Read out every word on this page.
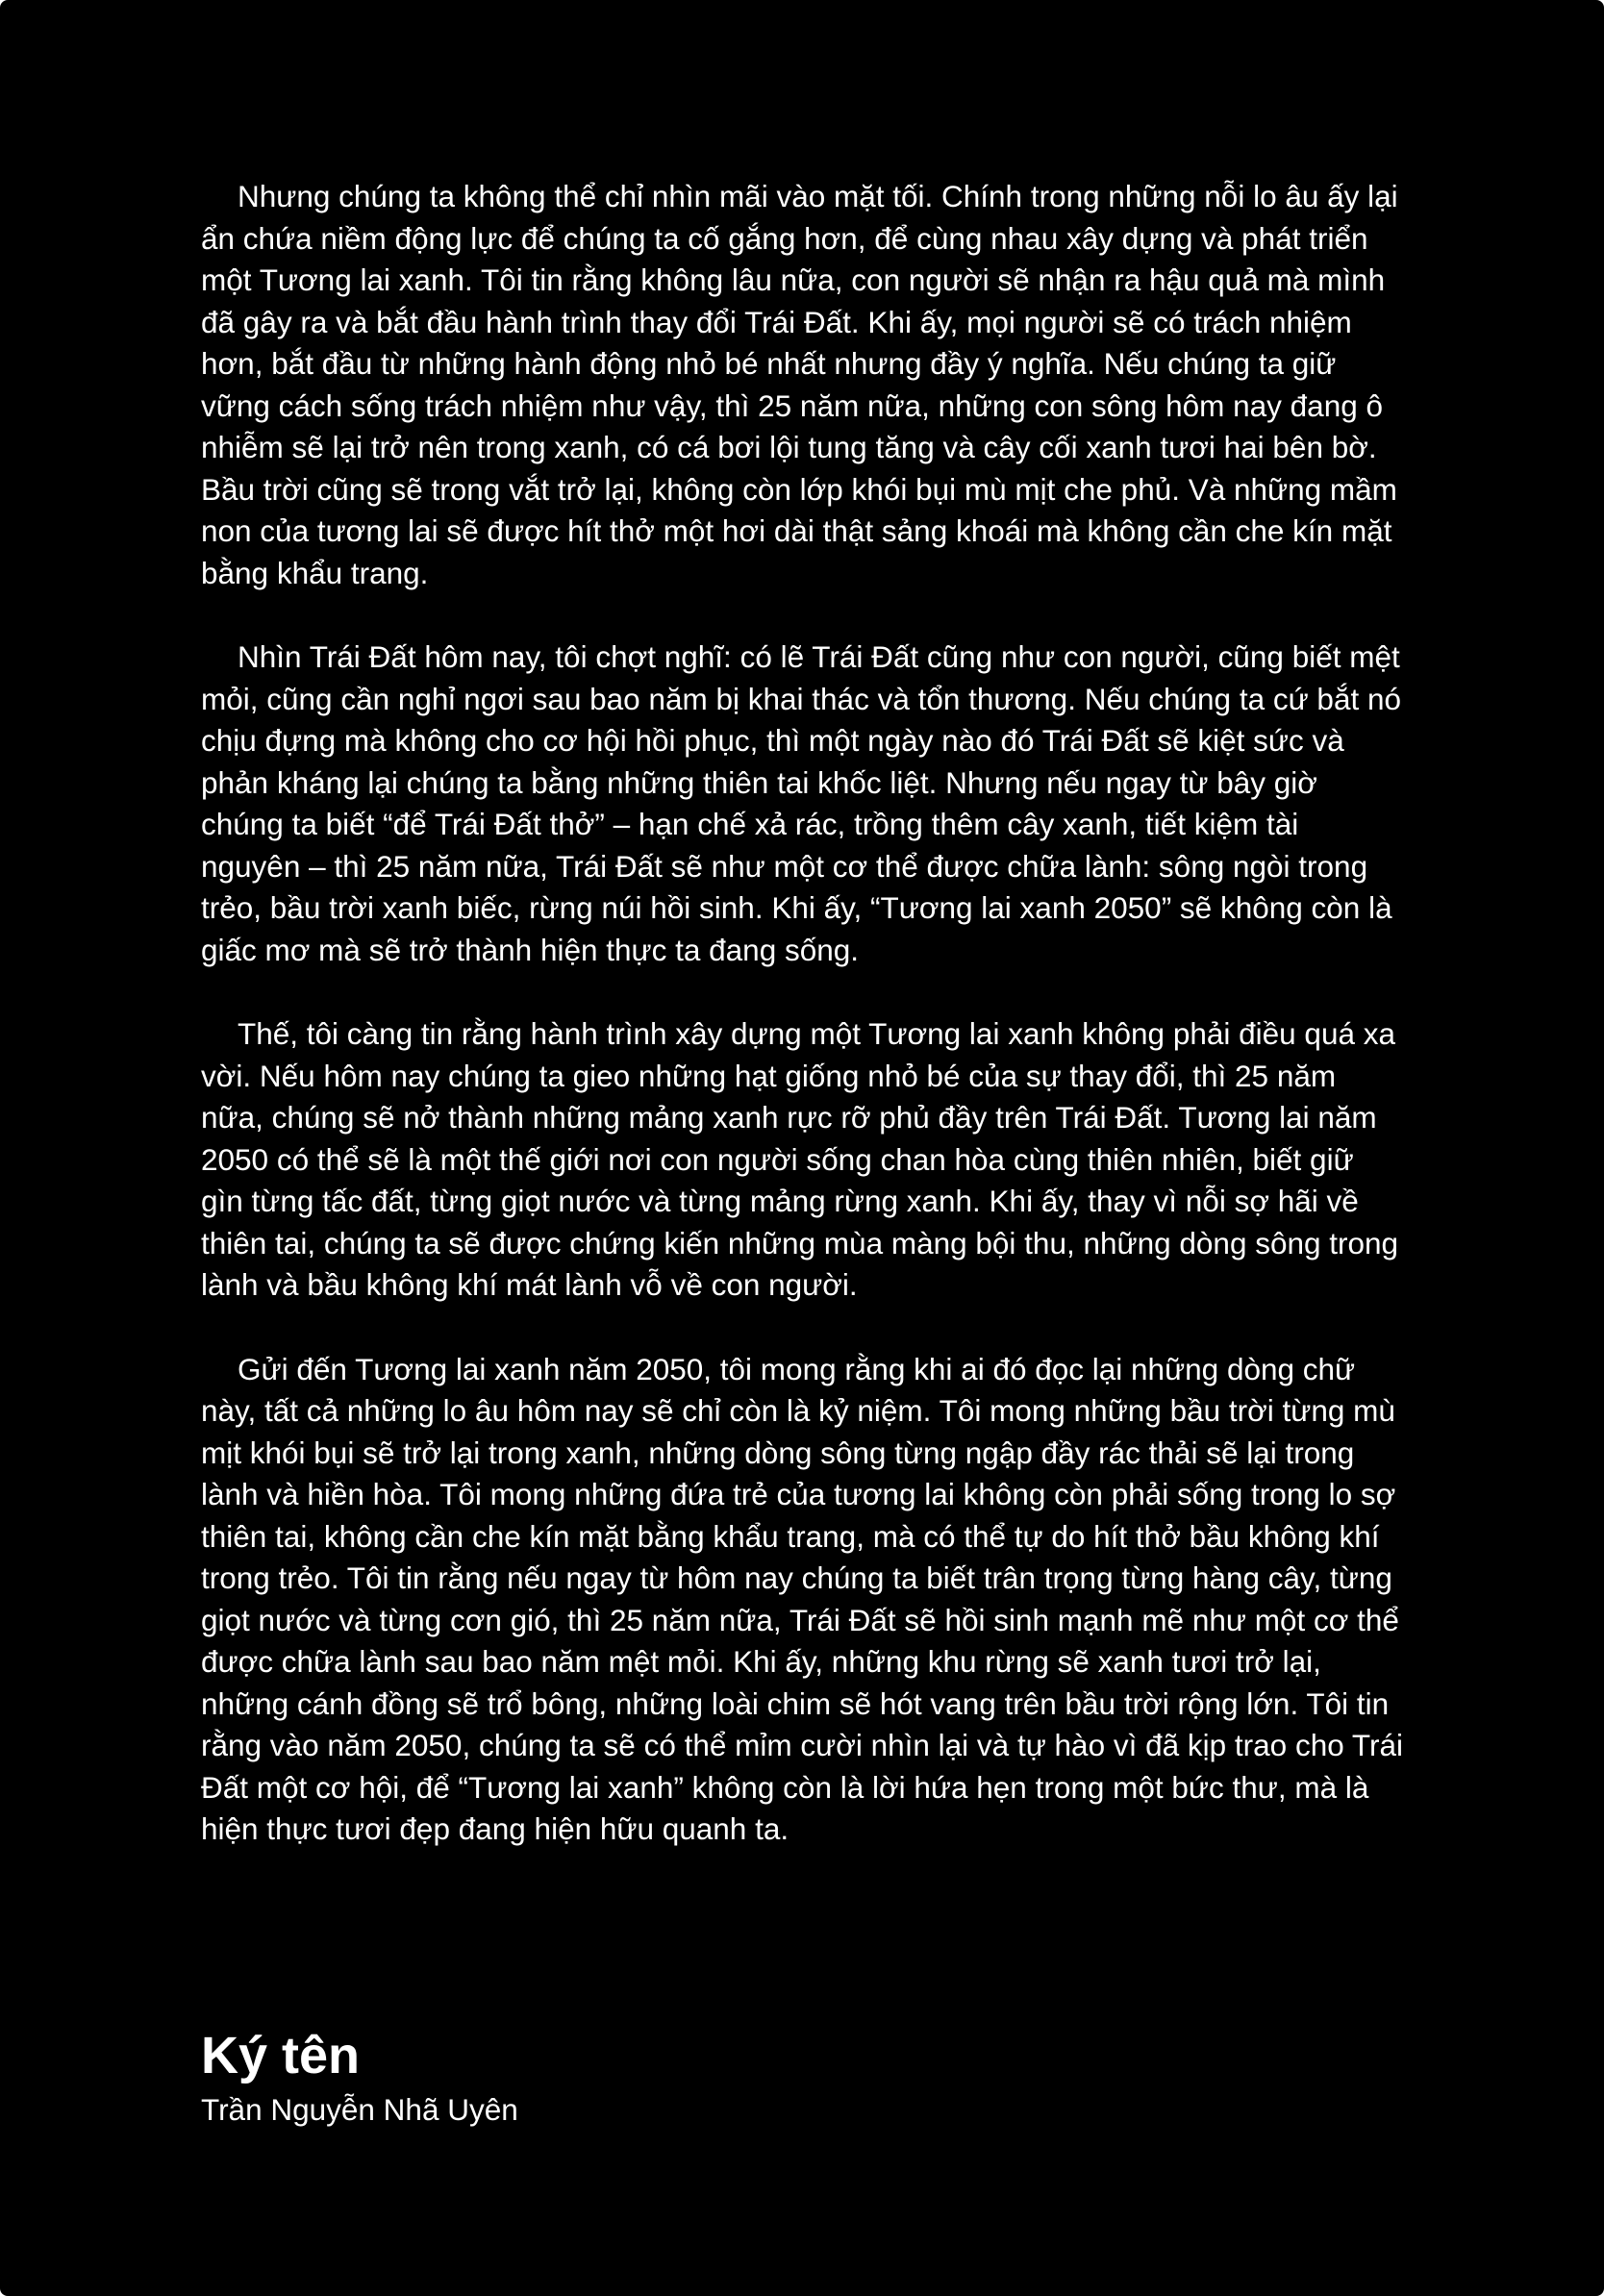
Nhưng chúng ta không thể chỉ nhìn mãi vào mặt tối. Chính trong những nỗi lo âu ấy lại ẩn chứa niềm động lực để chúng ta cố gắng hơn, để cùng nhau xây dựng và phát triển một Tương lai xanh. Tôi tin rằng không lâu nữa, con người sẽ nhận ra hậu quả mà mình đã gây ra và bắt đầu hành trình thay đổi Trái Đất. Khi ấy, mọi người sẽ có trách nhiệm hơn, bắt đầu từ những hành động nhỏ bé nhất nhưng đầy ý nghĩa. Nếu chúng ta giữ vững cách sống trách nhiệm như vậy, thì 25 năm nữa, những con sông hôm nay đang ô nhiễm sẽ lại trở nên trong xanh, có cá bơi lội tung tăng và cây cối xanh tươi hai bên bờ. Bầu trời cũng sẽ trong vắt trở lại, không còn lớp khói bụi mù mịt che phủ. Và những mầm non của tương lai sẽ được hít thở một hơi dài thật sảng khoái mà không cần che kín mặt bằng khẩu trang.

Nhìn Trái Đất hôm nay, tôi chợt nghĩ: có lẽ Trái Đất cũng như con người, cũng biết mệt mỏi, cũng cần nghỉ ngơi sau bao năm bị khai thác và tổn thương. Nếu chúng ta cứ bắt nó chịu đựng mà không cho cơ hội hồi phục, thì một ngày nào đó Trái Đất sẽ kiệt sức và phản kháng lại chúng ta bằng những thiên tai khốc liệt. Nhưng nếu ngay từ bây giờ chúng ta biết “để Trái Đất thở” – hạn chế xả rác, trồng thêm cây xanh, tiết kiệm tài nguyên – thì 25 năm nữa, Trái Đất sẽ như một cơ thể được chữa lành: sông ngòi trong trẻo, bầu trời xanh biếc, rừng núi hồi sinh. Khi ấy, “Tương lai xanh 2050” sẽ không còn là giấc mơ mà sẽ trở thành hiện thực ta đang sống.

Thế, tôi càng tin rằng hành trình xây dựng một Tương lai xanh không phải điều quá xa vời. Nếu hôm nay chúng ta gieo những hạt giống nhỏ bé của sự thay đổi, thì 25 năm nữa, chúng sẽ nở thành những mảng xanh rực rỡ phủ đầy trên Trái Đất. Tương lai năm 2050 có thể sẽ là một thế giới nơi con người sống chan hòa cùng thiên nhiên, biết giữ gìn từng tấc đất, từng giọt nước và từng mảng rừng xanh. Khi ấy, thay vì nỗi sợ hãi về thiên tai, chúng ta sẽ được chứng kiến những mùa màng bội thu, những dòng sông trong lành và bầu không khí mát lành vỗ về con người.

Gửi đến Tương lai xanh năm 2050, tôi mong rằng khi ai đó đọc lại những dòng chữ này, tất cả những lo âu hôm nay sẽ chỉ còn là kỷ niệm. Tôi mong những bầu trời từng mù mịt khói bụi sẽ trở lại trong xanh, những dòng sông từng ngập đầy rác thải sẽ lại trong lành và hiền hòa. Tôi mong những đứa trẻ của tương lai không còn phải sống trong lo sợ thiên tai, không cần che kín mặt bằng khẩu trang, mà có thể tự do hít thở bầu không khí trong trẻo. Tôi tin rằng nếu ngay từ hôm nay chúng ta biết trân trọng từng hàng cây, từng giọt nước và từng cơn gió, thì 25 năm nữa, Trái Đất sẽ hồi sinh mạnh mẽ như một cơ thể được chữa lành sau bao năm mệt mỏi. Khi ấy, những khu rừng sẽ xanh tươi trở lại, những cánh đồng sẽ trổ bông, những loài chim sẽ hót vang trên bầu trời rộng lớn. Tôi tin rằng vào năm 2050, chúng ta sẽ có thể mỉm cười nhìn lại và tự hào vì đã kịp trao cho Trái Đất một cơ hội, để “Tương lai xanh” không còn là lời hứa hẹn trong một bức thư, mà là hiện thực tươi đẹp đang hiện hữu quanh ta.

Ký tên

Trần Nguyễn Nhã Uyên
